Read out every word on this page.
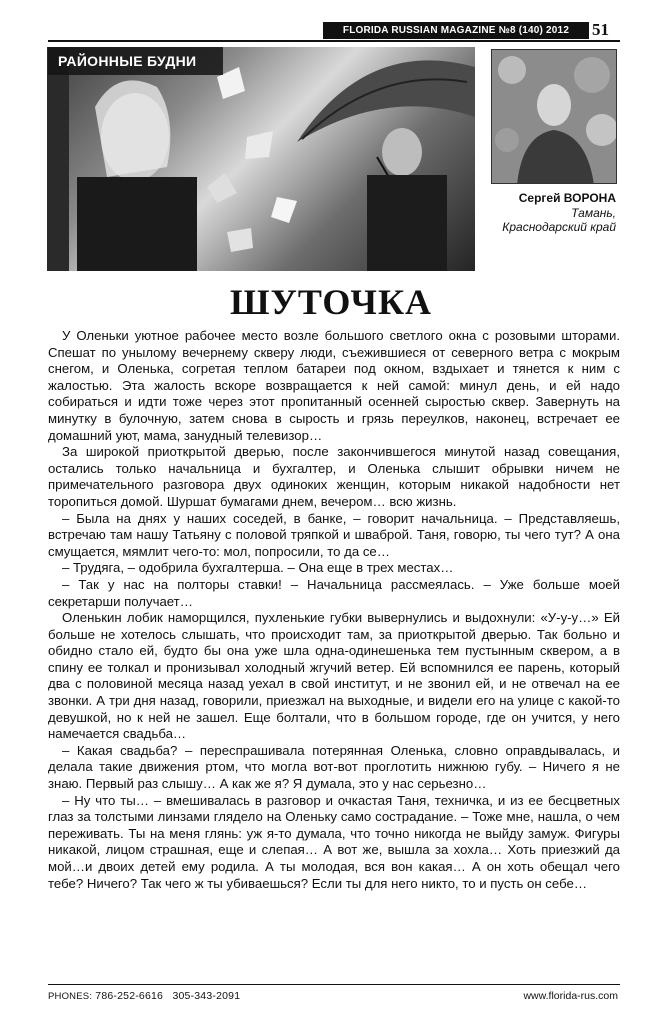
FLORIDA RUSSIAN MAGAZINE №8 (140) 2012	51
РАЙОННЫЕ БУДНИ
Сергей ВОРОНА
Тамань,
Краснодарский край
ШУТОЧКА

У Оленьки уютное рабочее место возле большого светлого окна с розовыми шторами. Спешат по унылому вечернему скверу люди, съежившиеся от северного ветра с мокрым снегом, и Оленька, согретая теплом батареи под окном, вздыхает и тянется к ним с жалостью. Эта жалость вскоре возвращается к ней самой: минул день, и ей надо собираться и идти тоже через этот пропитанный осенней сыростью сквер. Завернуть на минутку в булочную, затем снова в сырость и грязь переулков, наконец, встречает ее домашний уют, мама, занудный телевизор…

За широкой приоткрытой дверью, после закончившегося минутой назад совещания, остались только начальница и бухгалтер, и Оленька слышит обрывки ничем не примечательного разговора двух одиноких женщин, которым никакой надобности нет торопиться домой. Шуршат бумагами днем, вечером… всю жизнь.

– Была на днях у наших соседей, в банке, – говорит начальница. – Представляешь, встречаю там нашу Татьяну с половой тряпкой и шваброй. Таня, говорю, ты чего тут? А она смущается, мямлит чего-то: мол, попросили, то да се…

– Трудяга, – одобрила бухгалтерша. – Она еще в трех местах…

– Так у нас на полторы ставки! – Начальница рассмеялась. – Уже больше моей секретарши получает…

Оленькин лобик наморщился, пухленькие губки вывернулись и выдохнули: «У-у-у…» Ей больше не хотелось слышать, что происходит там, за приоткрытой дверью. Так больно и обидно стало ей, будто бы она уже шла одна-одинешенька тем пустынным сквером, а в спину ее толкал и пронизывал холодный жгучий ветер. Ей вспомнился ее парень, который два с половиной месяца назад уехал в свой институт, и не звонил ей, и не отвечал на ее звонки. А три дня назад, говорили, приезжал на выходные, и видели его на улице с какой-то девушкой, но к ней не зашел. Еще болтали, что в большом городе, где он учится, у него намечается свадьба…

– Какая свадьба? – переспрашивала потерянная Оленька, словно оправдывалась, и делала такие движения ртом, что могла вот-вот проглотить нижнюю губу. – Ничего я не знаю. Первый раз слышу… А как же я? Я думала, это у нас серьезно…

– Ну что ты… – вмешивалась в разговор и очкастая Таня, техничка, и из ее бесцветных глаз за толстыми линзами глядело на Оленьку само сострадание. – Тоже мне, нашла, о чем переживать. Ты на меня глянь: уж я-то думала, что точно никогда не выйду замуж. Фигуры никакой, лицом страшная, еще и слепая… А вот же, вышла за хохла… Хоть приезжий да мой…и двоих детей ему родила. А ты молодая, вся вон какая… А он хоть обещал чего тебе? Ничего? Так чего ж ты убиваешься? Если ты для него никто, то и пусть он себе…

PHONES: 786-252-6616 305-343-2091	www.florida-rus.com
